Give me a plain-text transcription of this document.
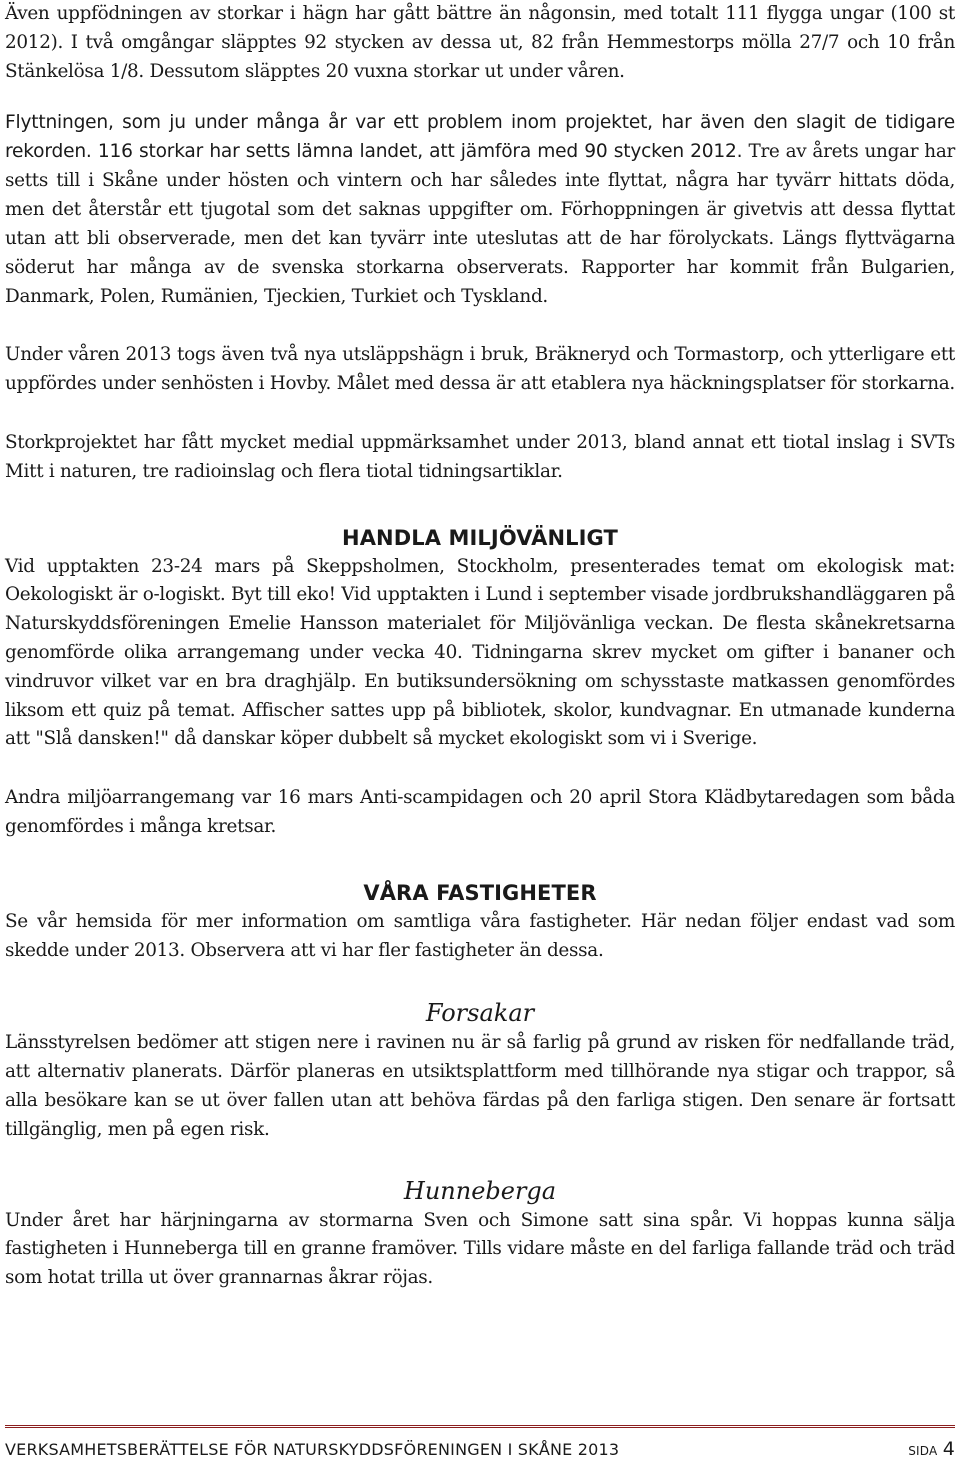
Även uppfödningen av storkar i hägn har gått bättre än någonsin, med totalt 111 flygga ungar (100 st 2012). I två omgångar släpptes 92 stycken av dessa ut, 82 från Hemmestorps mölla 27/7 och 10 från Stänkelösa 1/8. Dessutom släpptes 20 vuxna storkar ut under våren.

Flyttningen, som ju under många år var ett problem inom projektet, har även den slagit de tidigare rekorden. 116 storkar har setts lämna landet, att jämföra med 90 stycken 2012. Tre av årets ungar har setts till i Skåne under hösten och vintern och har således inte flyttat, några har tyvärr hittats döda, men det återstår ett tjugotal som det saknas uppgifter om. Förhoppningen är givetvis att dessa flyttat utan att bli observerade, men det kan tyvärr inte uteslutas att de har förolyckats. Längs flyttvägarna söderut har många av de svenska storkarna observerats. Rapporter har kommit från Bulgarien, Danmark, Polen, Rumänien, Tjeckien, Turkiet och Tyskland.

Under våren 2013 togs även två nya utsläppshägn i bruk, Bräkneryd och Tormastorp, och ytterligare ett uppfördes under senhösten i Hovby. Målet med dessa är att etablera nya häckningsplatser för storkarna.

Storkprojektet har fått mycket medial uppmärksamhet under 2013, bland annat ett tiotal inslag i SVTs Mitt i naturen, tre radioinslag och flera tiotal tidningsartiklar.

HANDLA MILJÖVÄNLIGT

Vid upptakten 23-24 mars på Skeppsholmen, Stockholm, presenterades temat om ekologisk mat: Oekologiskt är o-logiskt. Byt till eko! Vid upptakten i Lund i september visade jordbrukshandläggaren på Naturskyddsföreningen Emelie Hansson materialet för Miljövänliga veckan. De flesta skånekretsarna genomförde olika arrangemang under vecka 40. Tidningarna skrev mycket om gifter i bananer och vindruvor vilket var en bra draghjälp. En butiksundersökning om schysstaste matkassen genomfördes liksom ett quiz på temat. Affischer sattes upp på bibliotek, skolor, kundvagnar. En utmanade kunderna att "Slå dansken!" då danskar köper dubbelt så mycket ekologiskt som vi i Sverige.

Andra miljöarrangemang var 16 mars Anti-scampidagen och 20 april Stora Klädbytaredagen som båda genomfördes i många kretsar.

VÅRA FASTIGHETER

Se vår hemsida för mer information om samtliga våra fastigheter. Här nedan följer endast vad som skedde under 2013. Observera att vi har fler fastigheter än dessa.

Forsakar

Länsstyrelsen bedömer att stigen nere i ravinen nu är så farlig på grund av risken för nedfallande träd, att alternativ planerats. Därför planeras en utsiktsplattform med tillhörande nya stigar och trappor, så alla besökare kan se ut över fallen utan att behöva färdas på den farliga stigen. Den senare är fortsatt tillgänglig, men på egen risk.

Hunneberga

Under året har härjningarna av stormarna Sven och Simone satt sina spår. Vi hoppas kunna sälja fastigheten i Hunneberga till en granne framöver. Tills vidare måste en del farliga fallande träd och träd som hotat trilla ut över grannarnas åkrar röjas.

VERKSAMHETSBERÄTTELSE FÖR NATURSKYDDSFÖRENINGEN I SKÅNE 2013	SIDA 4
